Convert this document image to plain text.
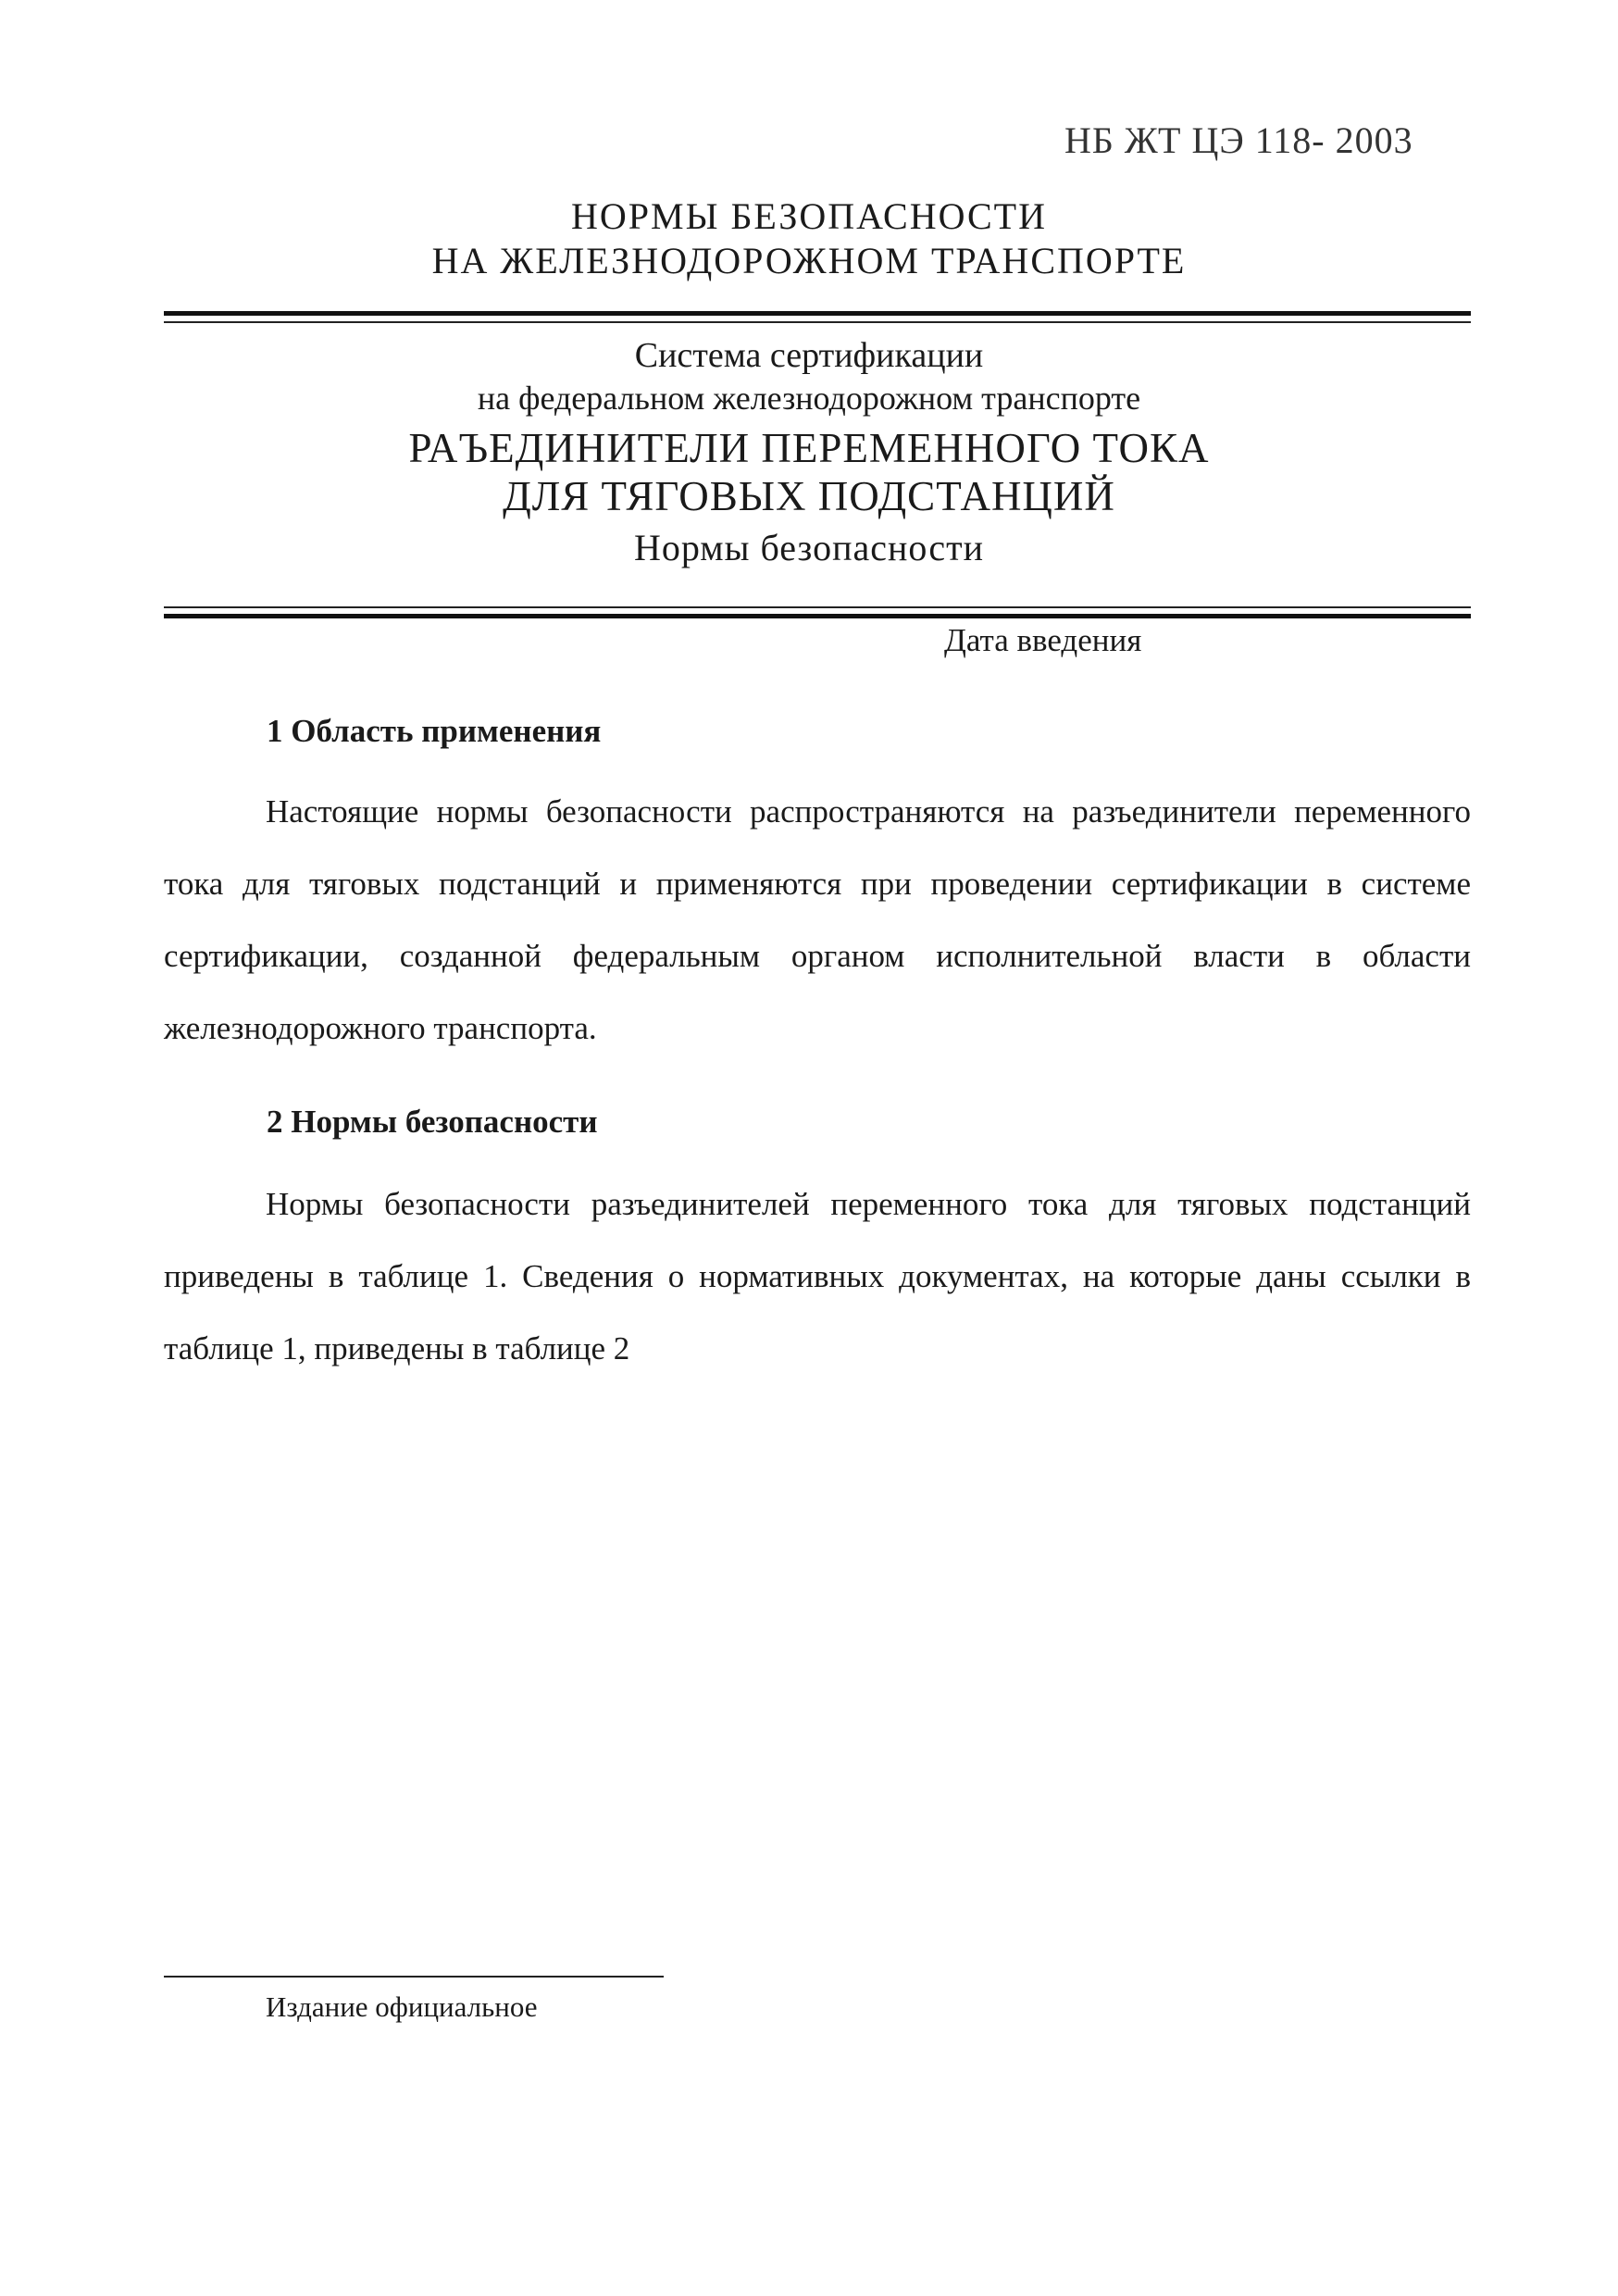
НБ ЖТ ЦЭ 118- 2003
НОРМЫ БЕЗОПАСНОСТИ
НА ЖЕЛЕЗНОДОРОЖНОМ ТРАНСПОРТЕ
Система сертификации
на федеральном железнодорожном транспорте
РАЪЕДИНИТЕЛИ ПЕРЕМЕННОГО ТОКА
ДЛЯ ТЯГОВЫХ ПОДСТАНЦИЙ
Нормы безопасности
Дата введения
1 Область применения
Настоящие нормы безопасности распространяются на разъединители переменного тока для тяговых подстанций и применяются при проведении сертификации в системе сертификации, созданной федеральным органом исполнительной власти в области железнодорожного транспорта.
2 Нормы безопасности
Нормы безопасности разъединителей переменного тока для тяговых подстанций приведены в таблице 1. Сведения о нормативных документах, на которые даны ссылки в таблице 1, приведены в таблице 2
Издание официальное
